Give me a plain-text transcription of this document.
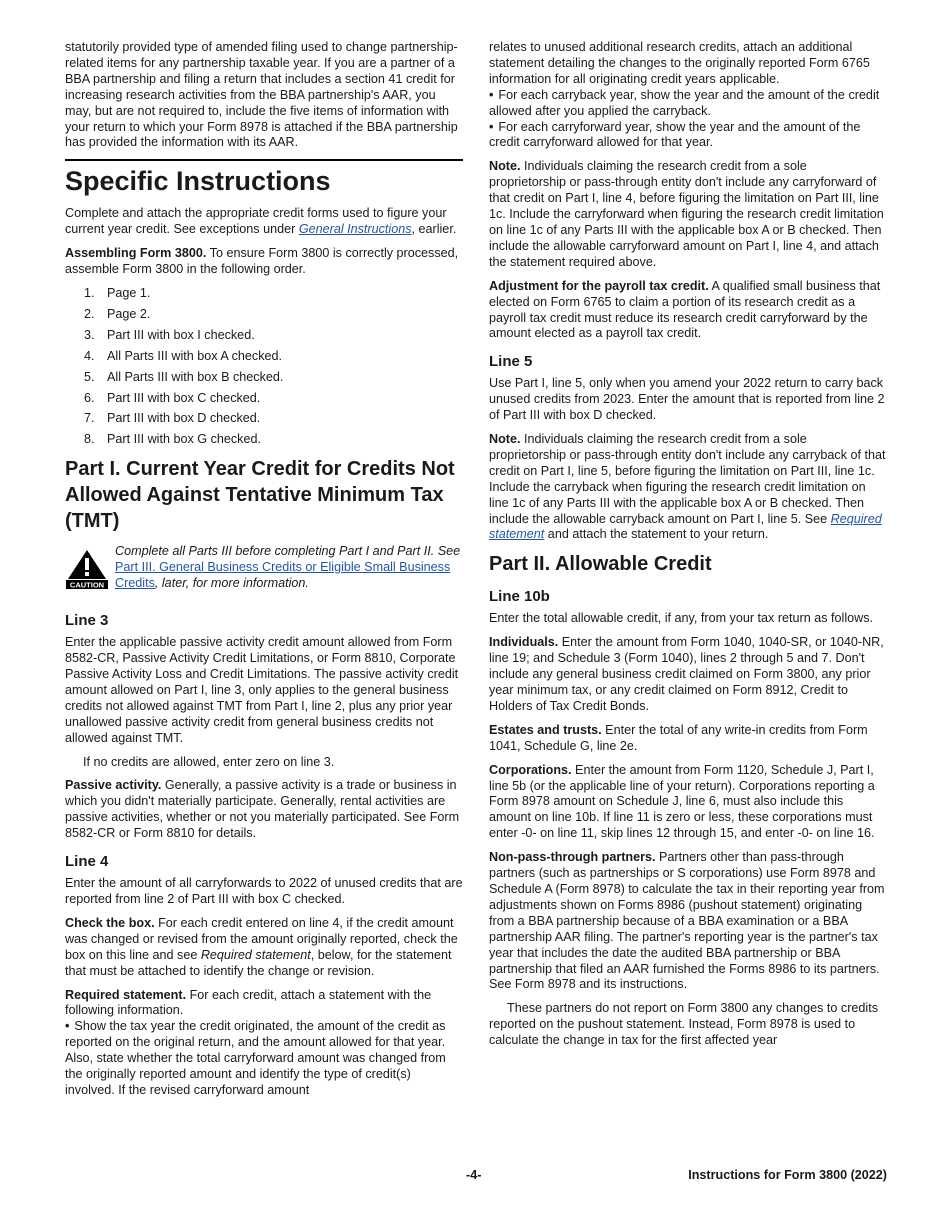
statutorily provided type of amended filing used to change partnership-related items for any partnership taxable year. If you are a partner of a BBA partnership and filing a return that includes a section 41 credit for increasing research activities from the BBA partnership's AAR, you may, but are not required to, include the five items of information with your return to which your Form 8978 is attached if the BBA partnership has provided the information with its AAR.

Specific Instructions

Complete and attach the appropriate credit forms used to figure your current year credit. See exceptions under General Instructions, earlier.

Assembling Form 3800. To ensure Form 3800 is correctly processed, assemble Form 3800 in the following order.

1. Page 1.
2. Page 2.
3. Part III with box I checked.
4. All Parts III with box A checked.
5. All Parts III with box B checked.
6. Part III with box C checked.
7. Part III with box D checked.
8. Part III with box G checked.
Part I. Current Year Credit for Credits Not Allowed Against Tentative Minimum Tax (TMT)
CAUTION
Complete all Parts III before completing Part I and Part II. See Part III. General Business Credits or Eligible Small Business Credits, later, for more information.
Line 3

Enter the applicable passive activity credit amount allowed from Form 8582-CR, Passive Activity Credit Limitations, or Form 8810, Corporate Passive Activity Loss and Credit Limitations. The passive activity credit amount allowed on Part I, line 3, only applies to the general business credits not allowed against TMT from Part I, line 2, plus any prior year unallowed passive activity credit from general business credits not allowed against TMT.

If no credits are allowed, enter zero on line 3.

Passive activity. Generally, a passive activity is a trade or business in which you didn't materially participate. Generally, rental activities are passive activities, whether or not you materially participated. See Form 8582-CR or Form 8810 for details.

Line 4

Enter the amount of all carryforwards to 2022 of unused credits that are reported from line 2 of Part III with box C checked.

Check the box. For each credit entered on line 4, if the credit amount was changed or revised from the amount originally reported, check the box on this line and see Required statement, below, for the statement that must be attached to identify the change or revision.

Required statement. For each credit, attach a statement with the following information.

• Show the tax year the credit originated, the amount of the credit as reported on the original return, and the amount allowed for that year. Also, state whether the total carryforward amount was changed from the originally reported amount and identify the type of credit(s) involved. If the revised carryforward amount

relates to unused additional research credits, attach an additional statement detailing the changes to the originally reported Form 6765 information for all originating credit years applicable.

• For each carryback year, show the year and the amount of the credit allowed after you applied the carryback.

• For each carryforward year, show the year and the amount of the credit carryforward allowed for that year.

Note. Individuals claiming the research credit from a sole proprietorship or pass-through entity don't include any carryforward of that credit on Part I, line 4, before figuring the limitation on Part III, line 1c. Include the carryforward when figuring the research credit limitation on line 1c of any Parts III with the applicable box A or B checked. Then include the allowable carryforward amount on Part I, line 4, and attach the statement required above.

Adjustment for the payroll tax credit. A qualified small business that elected on Form 6765 to claim a portion of its research credit as a payroll tax credit must reduce its research credit carryforward by the amount elected as a payroll tax credit.

Line 5

Use Part I, line 5, only when you amend your 2022 return to carry back unused credits from 2023. Enter the amount that is reported from line 2 of Part III with box D checked.

Note. Individuals claiming the research credit from a sole proprietorship or pass-through entity don't include any carryback of that credit on Part I, line 5, before figuring the limitation on Part III, line 1c. Include the carryback when figuring the research credit limitation on line 1c of any Parts III with the applicable box A or B checked. Then include the allowable carryback amount on Part I, line 5. See Required statement and attach the statement to your return.

Part II. Allowable Credit
Line 10b

Enter the total allowable credit, if any, from your tax return as follows.

Individuals. Enter the amount from Form 1040, 1040-SR, or 1040-NR, line 19; and Schedule 3 (Form 1040), lines 2 through 5 and 7. Don't include any general business credit claimed on Form 3800, any prior year minimum tax, or any credit claimed on Form 8912, Credit to Holders of Tax Credit Bonds.

Estates and trusts. Enter the total of any write-in credits from Form 1041, Schedule G, line 2e.

Corporations. Enter the amount from Form 1120, Schedule J, Part I, line 5b (or the applicable line of your return). Corporations reporting a Form 8978 amount on Schedule J, line 6, must also include this amount on line 10b. If line 11 is zero or less, these corporations must enter -0- on line 11, skip lines 12 through 15, and enter -0- on line 16.

Non-pass-through partners. Partners other than pass-through partners (such as partnerships or S corporations) use Form 8978 and Schedule A (Form 8978) to calculate the tax in their reporting year from adjustments shown on Forms 8986 (pushout statement) originating from a BBA partnership because of a BBA examination or a BBA partnership AAR filing. The partner's reporting year is the partner's tax year that includes the date the audited BBA partnership or BBA partnership that filed an AAR furnished the Forms 8986 to its partners. See Form 8978 and its instructions.

These partners do not report on Form 3800 any changes to credits reported on the pushout statement. Instead, Form 8978 is used to calculate the change in tax for the first affected year

-4-	Instructions for Form 3800 (2022)
